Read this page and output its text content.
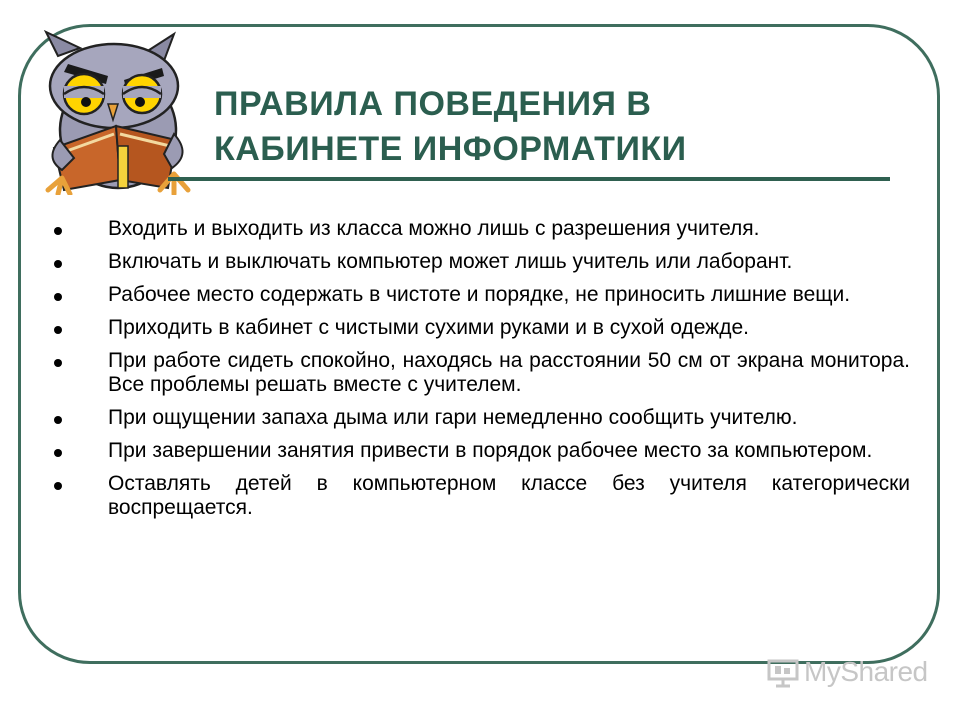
ПРАВИЛА ПОВЕДЕНИЯ В
КАБИНЕТЕ ИНФОРМАТИКИ
Входить и выходить из класса можно лишь с разрешения учителя.
Включать и выключать компьютер может лишь учитель или лаборант.
Рабочее место содержать в чистоте и порядке, не приносить лишние вещи.
Приходить в кабинет с чистыми сухими руками и в сухой одежде.
При работе сидеть спокойно, находясь на расстоянии 50 см от экрана монитора. Все проблемы решать вместе с учителем.
При ощущении запаха дыма или гари немедленно сообщить учителю.
При завершении занятия привести в порядок рабочее место за компьютером.
Оставлять детей в компьютерном классе без учителя категорически воспрещается.
MyShared
